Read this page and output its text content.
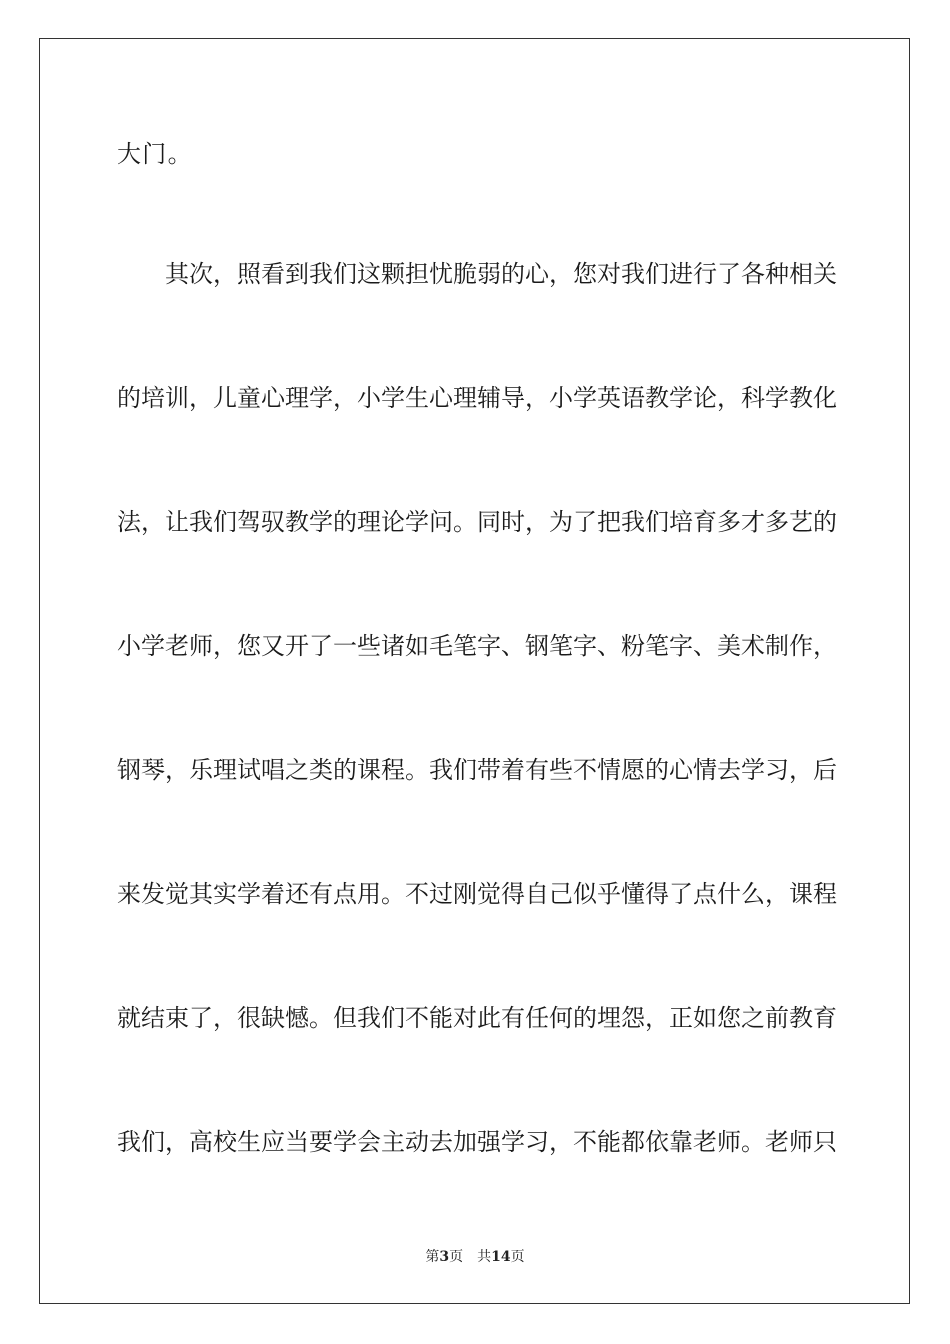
大门。
其次，照看到我们这颗担忧脆弱的心，您对我们进行了各种相关
的培训，儿童心理学，小学生心理辅导，小学英语教学论，科学教化
法，让我们驾驭教学的理论学问。同时，为了把我们培育多才多艺的
小学老师，您又开了一些诸如毛笔字、钢笔字、粉笔字、美术制作，
钢琴，乐理试唱之类的课程。我们带着有些不情愿的心情去学习，后
来发觉其实学着还有点用。不过刚觉得自己似乎懂得了点什么，课程
就结束了，很缺憾。但我们不能对此有任何的埋怨，正如您之前教育
我们，高校生应当要学会主动去加强学习，不能都依靠老师。老师只
第3页 共14页
